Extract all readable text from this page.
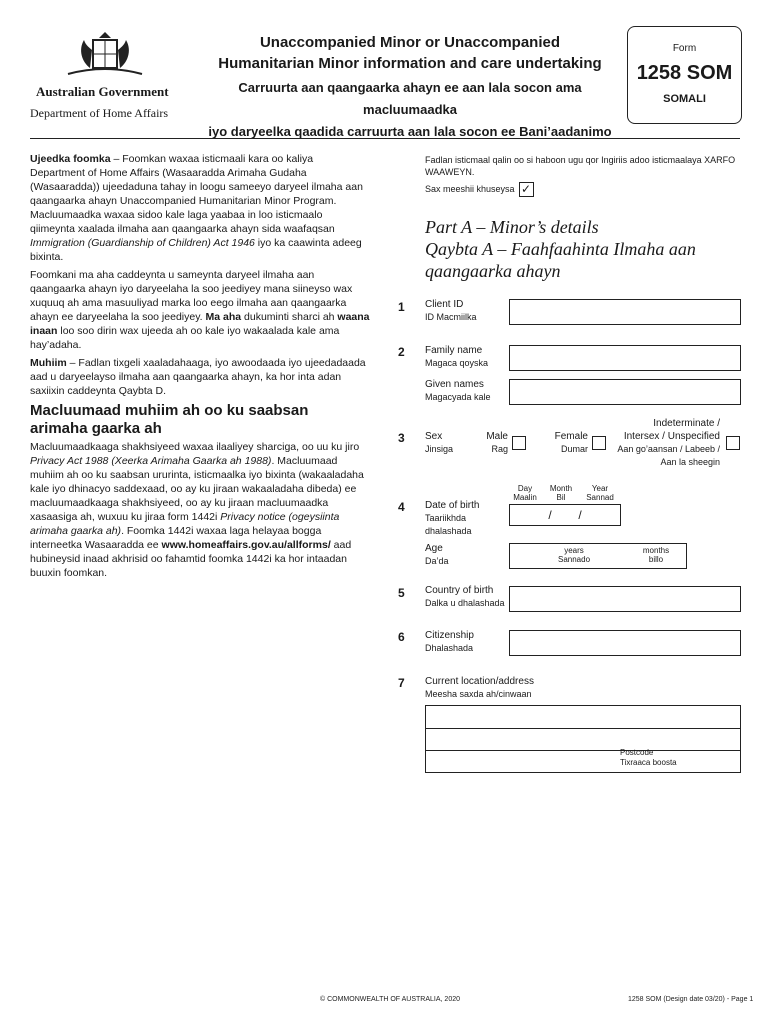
Australian Government
Department of Home Affairs
Unaccompanied Minor or Unaccompanied
Humanitarian Minor information and care undertaking
Carruurta aan qaangaarka ahayn ee aan lala socon ama macluumaadka
iyo daryeelka qaadida carruurta aan lala socon ee Bani’aadanimo
Form
1258 SOM
SOMALI

Ujeedka foomka – Foomkan waxaa isticmaali kara oo kaliya Department of Home Affairs (Wasaaradda Arimaha Gudaha (Wasaaradda)) ujeedaduna tahay in loogu sameeyo daryeel ilmaha aan qaangaarka ahayn Unaccompanied Humanitarian Minor Program. Macluumaadka waxaa sidoo kale laga yaabaa in loo isticmaalo qiimeynta xaalada ilmaha aan qaangaarka ahayn sida waafaqsan Immigration (Guardianship of Children) Act 1946 iyo ka caawinta adeeg bixinta.

Foomkani ma aha caddeynta u sameynta daryeel ilmaha aan qaangaarka ahayn iyo daryeelaha la soo jeediyey mana siineyso wax xuquuq ah ama masuuliyad marka loo eego ilmaha aan qaangaarka ahayn ee daryeelaha la soo jeediyey. Ma aha dukuminti sharci ah waana inaan loo soo dirin wax ujeeda ah oo kale iyo wakaalada kale ama hay’adaha.

Muhiim – Fadlan tixgeli xaaladahaaga, iyo awoodaada iyo ujeedadaada aad u daryeelayso ilmaha aan qaangaarka ahayn, ka hor inta adan saxiixin caddeynta Qaybta D.

Macluumaad muhiim ah oo ku saabsan arimaha gaarka ah

Macluumaadkaaga shakhsiyeed waxaa ilaaliyey sharciga, oo uu ku jiro Privacy Act 1988 (Xeerka Arimaha Gaarka ah 1988). Macluumaad muhiim ah oo ku saabsan ururinta, isticmaalka iyo bixinta (wakaaladaha kale iyo dhinacyo saddexaad, oo ay ku jiraan wakaaladaha dibeda) ee macluumaadkaaga shakhsiyeed, oo ay ku jiraan macluumaadka xasaasiga ah, wuxuu ku jiraa form 1442i Privacy notice (ogeysiinta arimaha gaarka ah). Foomka 1442i waxaa laga helayaa bogga interneetka Wasaaradda ee www.homeaffairs.gov.au/allforms/ aad hubineysid inaad akhrisid oo fahamtid foomka 1442i ka hor intaadan buuxin foomkan.

Fadlan isticmaal qalin oo si haboon ugu qor Ingiriis adoo isticmaalaya XARFO WAAWEYN.
Sax meeshii khuseysa ✓
Part A – Minor’s details
Qaybta A – Faahfaahinta Ilmaha aan qaangaarka ahayn
1 Client ID
ID Macmiilka
2 Family name
Magaca qoyska
Given names
Magacyada kale
3 Sex
Jinsiga
Male
Rag
Female
Dumar
Indeterminate /
Intersex / Unspecified
Aan go’aansan / Labeeb /
Aan la sheegin
Day
Maalin
Month
Bil
Year
Sannad
4 Date of birth
Taariikhda
dhalashada
/        /
Age
Da’da
years
Sannado
months
billo
5 Country of birth
Dalka u dhalashada
6 Citizenship
Dhalashada
7 Current location/address
Meesha saxda ah/cinwaan
Postcode
Tixraaca boosta
© COMMONWEALTH OF AUSTRALIA, 2020	1258 SOM (Design date 03/20) - Page 1
